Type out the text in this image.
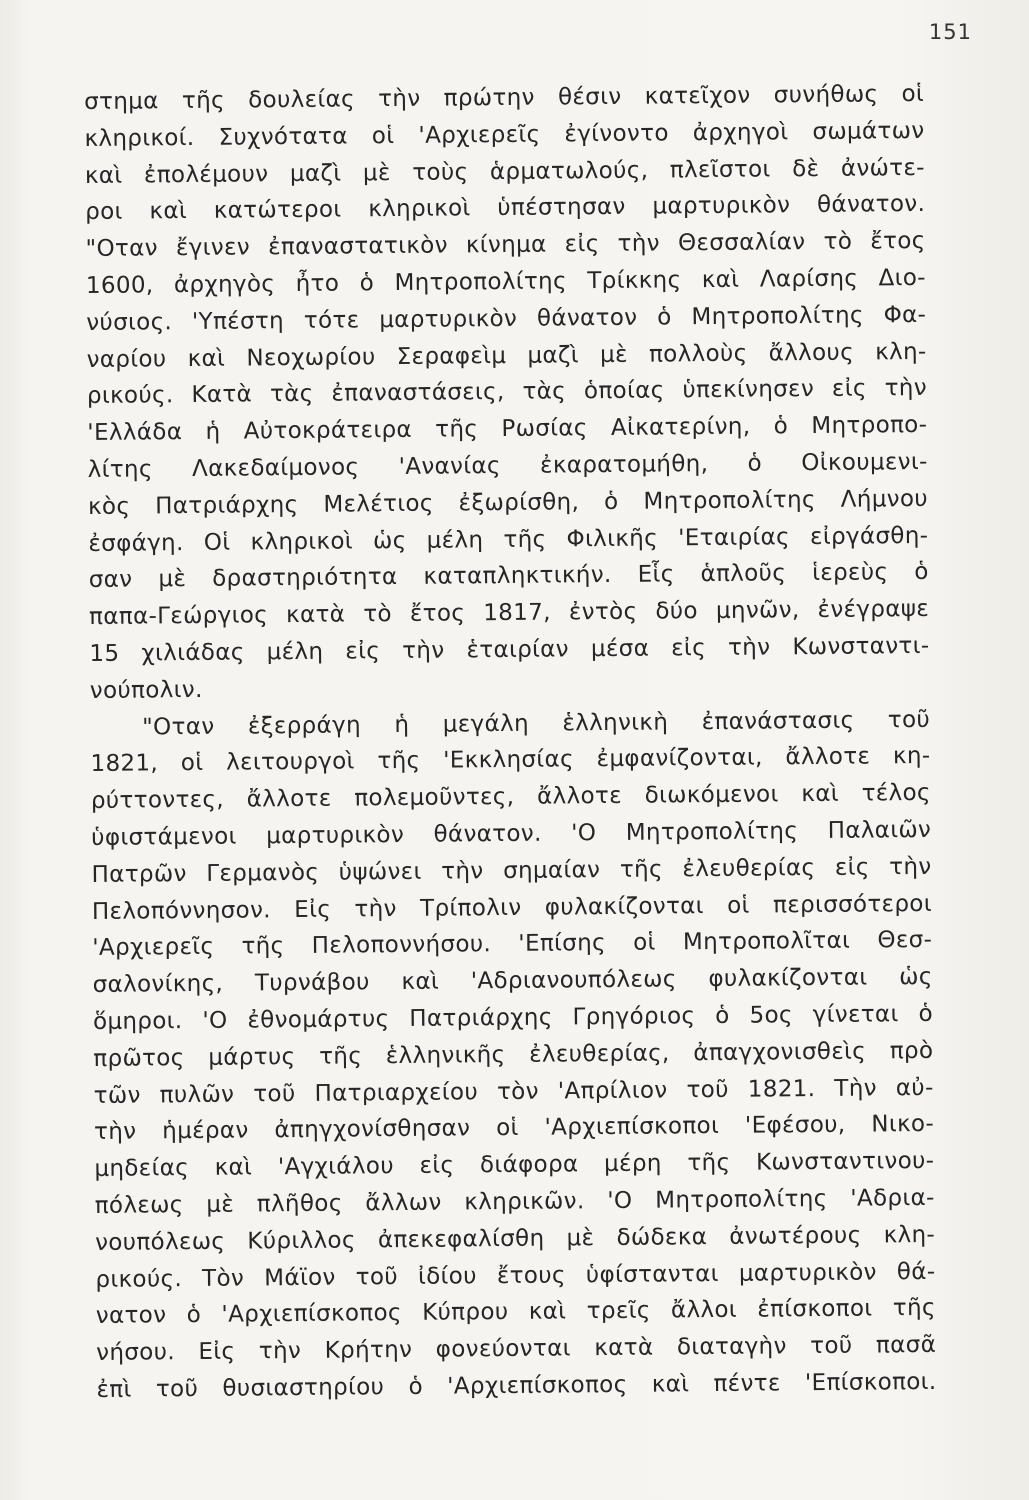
151
στημα τῆς δουλείας τὴν πρώτην θέσιν κατεῖχον συνήθως οἱ
κληρικοί. Συχνότατα οἱ 'Αρχιερεῖς ἐγίνοντο ἀρχηγοὶ σωμάτων
καὶ ἐπολέμουν μαζὶ μὲ τοὺς ἁρματωλούς, πλεῖστοι δὲ ἀνώτε-
ροι καὶ κατώτεροι κληρικοὶ ὑπέστησαν μαρτυρικὸν θάνατον.
"Οταν ἔγινεν ἐπαναστατικὸν κίνημα εἰς τὴν Θεσσαλίαν τὸ ἔτος
1600, ἀρχηγὸς ἦτο ὁ Μητροπολίτης Τρίκκης καὶ Λαρίσης Διο-
νύσιος. 'Υπέστη τότε μαρτυρικὸν θάνατον ὁ Μητροπολίτης Φα-
ναρίου καὶ Νεοχωρίου Σεραφεὶμ μαζὶ μὲ πολλοὺς ἄλλους κλη-
ρικούς. Κατὰ τὰς ἐπαναστάσεις, τὰς ὁποίας ὑπεκίνησεν εἰς τὴν
'Ελλάδα ἡ Αὐτοκράτειρα τῆς Ρωσίας Αἰκατερίνη, ὁ Μητροπο-
λίτης Λακεδαίμονος 'Ανανίας ἐκαρατομήθη, ὁ Οἰκουμενι-
κὸς Πατριάρχης Μελέτιος ἐξωρίσθη, ὁ Μητροπολίτης Λήμνου
ἐσφάγη. Οἱ κληρικοὶ ὡς μέλη τῆς Φιλικῆς 'Εταιρίας εἰργάσθη-
σαν μὲ δραστηριότητα καταπληκτικήν. Εἷς ἁπλοῦς ἱερεὺς ὁ
παπα-Γεώργιος κατὰ τὸ ἔτος 1817, ἐντὸς δύο μηνῶν, ἐνέγραψε
15 χιλιάδας μέλη εἰς τὴν ἑταιρίαν μέσα εἰς τὴν Κωνσταντι-
νούπολιν.
"Οταν ἐξερράγη ἡ μεγάλη ἑλληνικὴ ἐπανάστασις τοῦ
1821, οἱ λειτουργοὶ τῆς 'Εκκλησίας ἐμφανίζονται, ἄλλοτε κη-
ρύττοντες, ἄλλοτε πολεμοῦντες, ἄλλοτε διωκόμενοι καὶ τέλος
ὑφιστάμενοι μαρτυρικὸν θάνατον. 'Ο Μητροπολίτης Παλαιῶν
Πατρῶν Γερμανὸς ὑψώνει τὴν σημαίαν τῆς ἐλευθερίας εἰς τὴν
Πελοπόννησον. Εἰς τὴν Τρίπολιν φυλακίζονται οἱ περισσότεροι
'Αρχιερεῖς τῆς Πελοποννήσου. 'Επίσης οἱ Μητροπολῖται Θεσ-
σαλονίκης, Τυρνάβου καὶ 'Αδριανουπόλεως φυλακίζονται ὡς
ὅμηροι. 'Ο ἐθνομάρτυς Πατριάρχης Γρηγόριος ὁ 5ος γίνεται ὁ
πρῶτος μάρτυς τῆς ἑλληνικῆς ἐλευθερίας, ἀπαγχονισθεὶς πρὸ
τῶν πυλῶν τοῦ Πατριαρχείου τὸν 'Απρίλιον τοῦ 1821. Τὴν αὐ-
τὴν ἡμέραν ἀπηγχονίσθησαν οἱ 'Αρχιεπίσκοποι 'Εφέσου, Νικο-
μηδείας καὶ 'Αγχιάλου εἰς διάφορα μέρη τῆς Κωνσταντινου-
πόλεως μὲ πλῆθος ἄλλων κληρικῶν. 'Ο Μητροπολίτης 'Αδρια-
νουπόλεως Κύριλλος ἀπεκεφαλίσθη μὲ δώδεκα ἀνωτέρους κλη-
ρικούς. Τὸν Μάϊον τοῦ ἰδίου ἔτους ὑφίστανται μαρτυρικὸν θά-
νατον ὁ 'Αρχιεπίσκοπος Κύπρου καὶ τρεῖς ἄλλοι ἐπίσκοποι τῆς
νήσου. Εἰς τὴν Κρήτην φονεύονται κατὰ διαταγὴν τοῦ πασᾶ
ἐπὶ τοῦ θυσιαστηρίου ὁ 'Αρχιεπίσκοπος καὶ πέντε 'Επίσκοποι.
